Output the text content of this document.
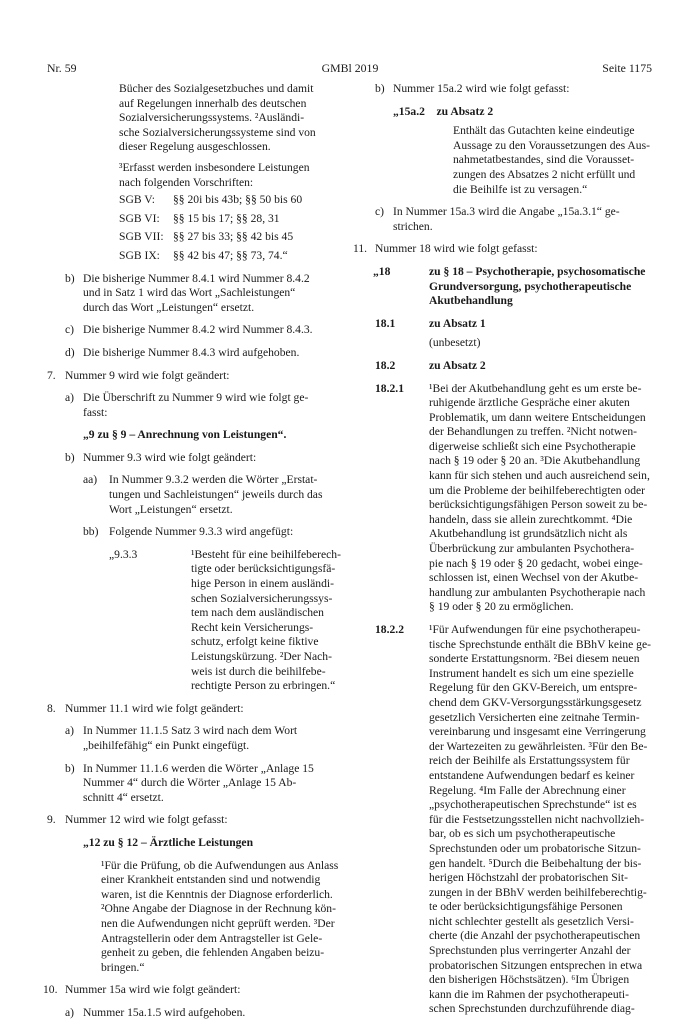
GMBl 2019
Nr. 59	Seite 1175
Bücher des Sozialgesetzbuches und damit
auf Regelungen innerhalb des deutschen
Sozialversicherungssystems. ²Ausländi-
sche Sozialversicherungssysteme sind von
dieser Regelung ausgeschlossen.
³Erfasst werden insbesondere Leistungen
nach folgenden Vorschriften:
SGB V:	§§ 20i bis 43b; §§ 50 bis 60
SGB VI:	§§ 15 bis 17; §§ 28, 31
SGB VII: §§ 27 bis 33; §§ 42 bis 45
SGB IX:	§§ 42 bis 47; §§ 73, 74.“
b) Die bisherige Nummer 8.4.1 wird Nummer 8.4.2
und in Satz 1 wird das Wort „Sachleistungen“
durch das Wort „Leistungen“ ersetzt.
c) Die bisherige Nummer 8.4.2 wird Nummer 8.4.3.
d) Die bisherige Nummer 8.4.3 wird aufgehoben.
7. Nummer 9 wird wie folgt geändert:
a) Die Überschrift zu Nummer 9 wird wie folgt ge-
fasst:
„9 zu § 9 – Anrechnung von Leistungen“.
b) Nummer 9.3 wird wie folgt geändert:
aa) In Nummer 9.3.2 werden die Wörter „Erstat-
tungen und Sachleistungen“ jeweils durch das
Wort „Leistungen“ ersetzt.
bb) Folgende Nummer 9.3.3 wird angefügt:
„9.3.3	¹Besteht für eine beihilfeberech-
tigte oder berücksichtigungsfä-
hige Person in einem ausländi-
schen Sozialversicherungssys-
tem nach dem ausländischen
Recht kein Versicherungs-
schutz, erfolgt keine fiktive
Leistungskürzung. ²Der Nach-
weis ist durch die beihilfebe-
rechtigte Person zu erbringen.“
8. Nummer 11.1 wird wie folgt geändert:
a) In Nummer 11.1.5 Satz 3 wird nach dem Wort
„beihilfefähig“ ein Punkt eingefügt.
b) In Nummer 11.1.6 werden die Wörter „Anlage 15
Nummer 4“ durch die Wörter „Anlage 15 Ab-
schnitt 4“ ersetzt.
9. Nummer 12 wird wie folgt gefasst:
„12 zu § 12 – Ärztliche Leistungen
¹Für die Prüfung, ob die Aufwendungen aus Anlass
einer Krankheit entstanden sind und notwendig
waren, ist die Kenntnis der Diagnose erforderlich.
²Ohne Angabe der Diagnose in der Rechnung kön-
nen die Aufwendungen nicht geprüft werden. ³Der
Antragstellerin oder dem Antragsteller ist Gele-
genheit zu geben, die fehlenden Angaben beizu-
bringen.“
10. Nummer 15a wird wie folgt geändert:
a) Nummer 15a.1.5 wird aufgehoben.
b) Nummer 15a.2 wird wie folgt gefasst:
„15a.2    zu Absatz 2
Enthält das Gutachten keine eindeutige
Aussage zu den Voraussetzungen des Aus-
nahmetatbestandes, sind die Vorausset-
zungen des Absatzes 2 nicht erfüllt und
die Beihilfe ist zu versagen.“
c) In Nummer 15a.3 wird die Angabe „15a.3.1“ ge-
strichen.
11. Nummer 18 wird wie folgt gefasst:
„18	zu § 18 – Psychotherapie, psychosomatische
Grundversorgung, psychotherapeutische
Akutbehandlung
18.1	zu Absatz 1
(unbesetzt)
18.2	zu Absatz 2
18.2.1 ¹Bei der Akutbehandlung geht es um erste be-
ruhigende ärztliche Gespräche einer akuten
Problematik, um dann weitere Entscheidungen
der Behandlungen zu treffen. ²Nicht notwen-
digerweise schließt sich eine Psychotherapie
nach § 19 oder § 20 an. ³Die Akutbehandlung
kann für sich stehen und auch ausreichend sein,
um die Probleme der beihilfeberechtigten oder
berücksichtigungsfähigen Person soweit zu be-
handeln, dass sie allein zurechtkommt. ⁴Die
Akutbehandlung ist grundsätzlich nicht als
Überbrückung zur ambulanten Psychothera-
pie nach § 19 oder § 20 gedacht, wobei einge-
schlossen ist, einen Wechsel von der Akutbe-
handlung zur ambulanten Psychotherapie nach
§ 19 oder § 20 zu ermöglichen.
18.2.2 ¹Für Aufwendungen für eine psychotherapeu-
tische Sprechstunde enthält die BBhV keine ge-
sonderte Erstattungsnorm. ²Bei diesem neuen
Instrument handelt es sich um eine spezielle
Regelung für den GKV-Bereich, um entspre-
chend dem GKV-Versorgungsstärkungsgesetz
gesetzlich Versicherten eine zeitnahe Termin-
vereinbarung und insgesamt eine Verringerung
der Wartezeiten zu gewährleisten. ³Für den Be-
reich der Beihilfe als Erstattungssystem für
entstandene Aufwendungen bedarf es keiner
Regelung. ⁴Im Falle der Abrechnung einer
„psychotherapeutischen Sprechstunde“ ist es
für die Festsetzungsstellen nicht nachvollzieh-
bar, ob es sich um psychotherapeutische
Sprechstunden oder um probatorische Sitzun-
gen handelt. ⁵Durch die Beibehaltung der bis-
herigen Höchstzahl der probatorischen Sit-
zungen in der BBhV werden beihilfeberechtig-
te oder berücksichtigungsfähige Personen
nicht schlechter gestellt als gesetzlich Versi-
cherte (die Anzahl der psychotherapeutischen
Sprechstunden plus verringerter Anzahl der
probatorischen Sitzungen entsprechen in etwa
den bisherigen Höchstsätzen). ⁶Im Übrigen
kann die im Rahmen der psychotherapeuti-
schen Sprechstunden durchzuführende diag-
